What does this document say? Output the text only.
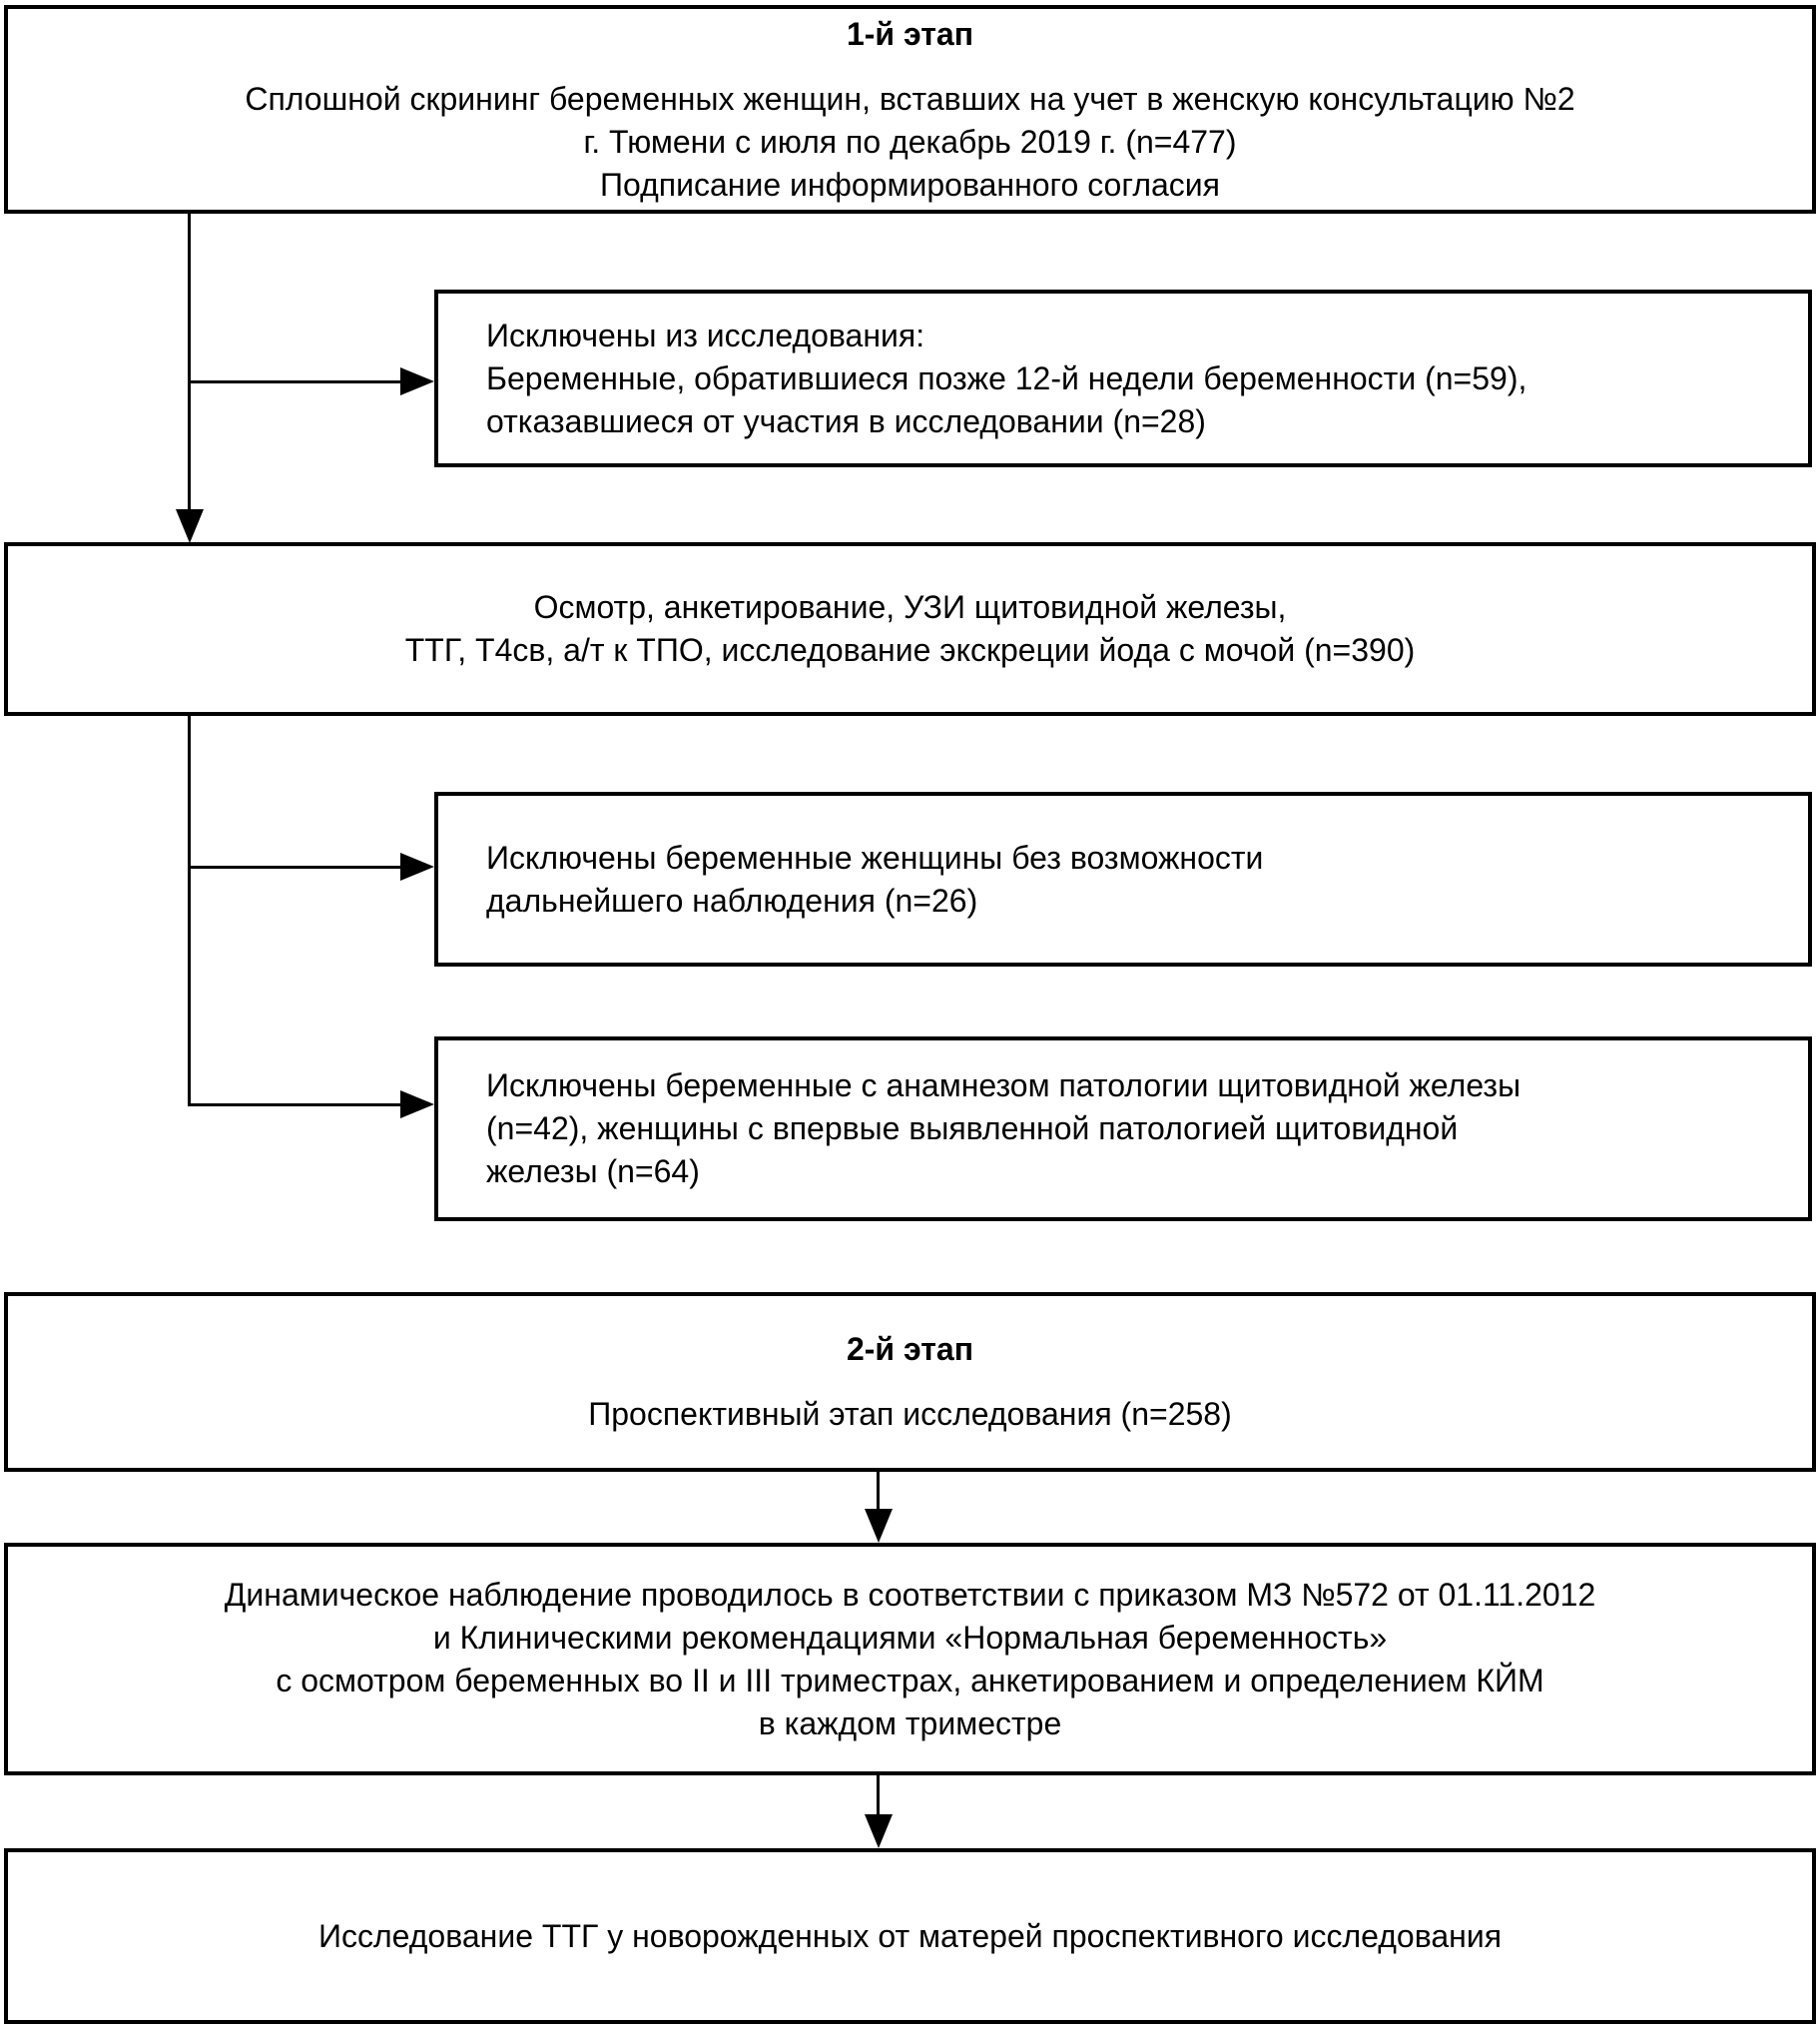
1-й этап
Сплошной скрининг беременных женщин, вставших на учет в женскую консультацию №2
г. Тюмени с июля по декабрь 2019 г. (n=477)
Подписание информированного согласия
Исключены из исследования:
Беременные, обратившиеся позже 12-й недели беременности (n=59),
отказавшиеся от участия в исследовании (n=28)
Осмотр, анкетирование, УЗИ щитовидной железы,
ТТГ, Т4св, а/т к ТПО, исследование экскреции йода с мочой (n=390)
Исключены беременные женщины без возможности
дальнейшего наблюдения (n=26)
Исключены беременные с анамнезом патологии щитовидной железы
(n=42), женщины с впервые выявленной патологией щитовидной
железы (n=64)
2-й этап
Проспективный этап исследования (n=258)
Динамическое наблюдение проводилось в соответствии с приказом МЗ №572 от 01.11.2012
и Клиническими рекомендациями «Нормальная беременность»
с осмотром беременных во II и III триместрах, анкетированием и определением КЙМ
в каждом триместре
Исследование ТТГ у новорожденных от матерей проспективного исследования
